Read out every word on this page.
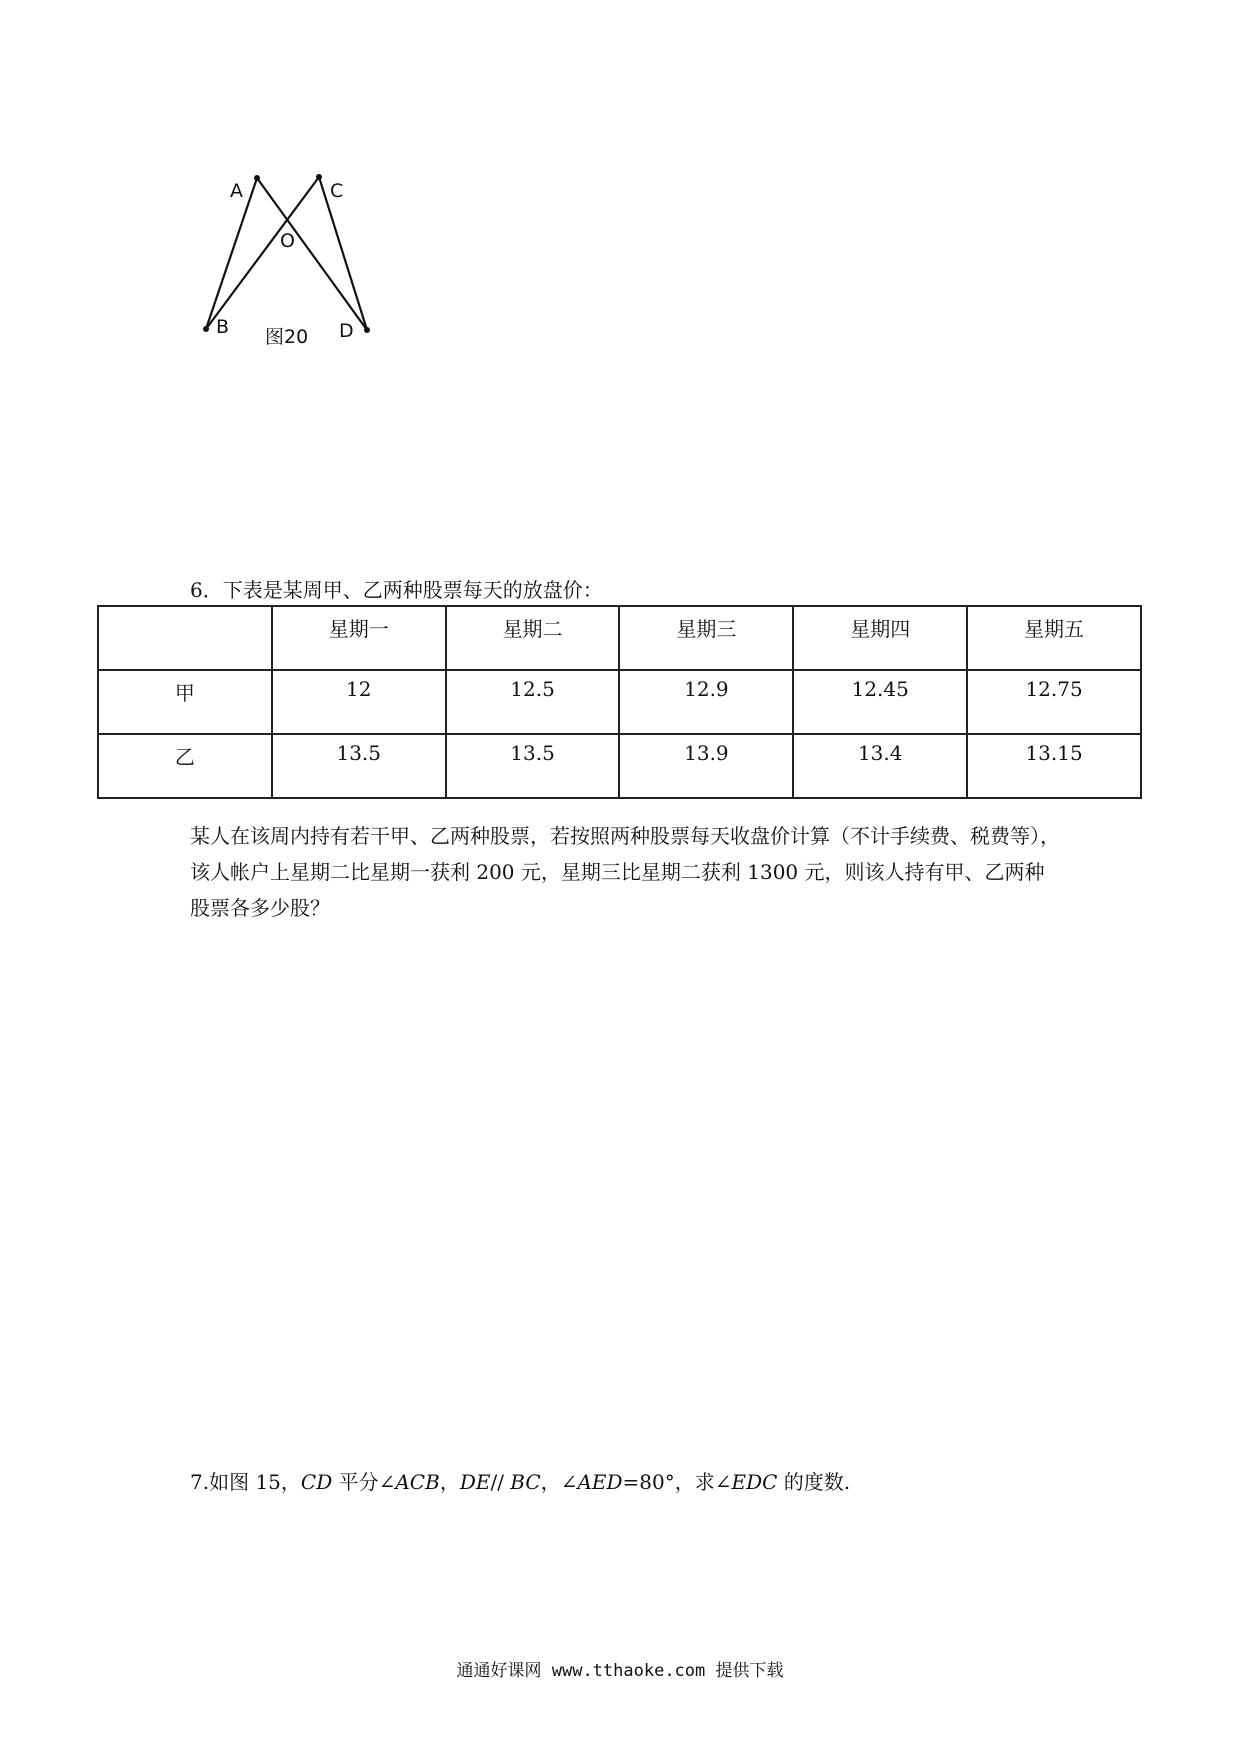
A	C
O
B	D
图20
6．下表是某周甲、乙两种股票每天的放盘价：
	星期一	星期二	星期三	星期四	星期五
甲	12	12.5	12.9	12.45	12.75
乙	13.5	13.5	13.9	13.4	13.15
某人在该周内持有若干甲、乙两种股票，若按照两种股票每天收盘价计算（不计手续费、税费等），该人帐户上星期二比星期一获利 200 元，星期三比星期二获利 1300 元，则该人持有甲、乙两种股票各多少股？
7.如图 15，CD 平分∠ACB，DE// BC，∠AED=80°，求∠EDC 的度数.
通通好课网 www.tthaoke.com 提供下载
